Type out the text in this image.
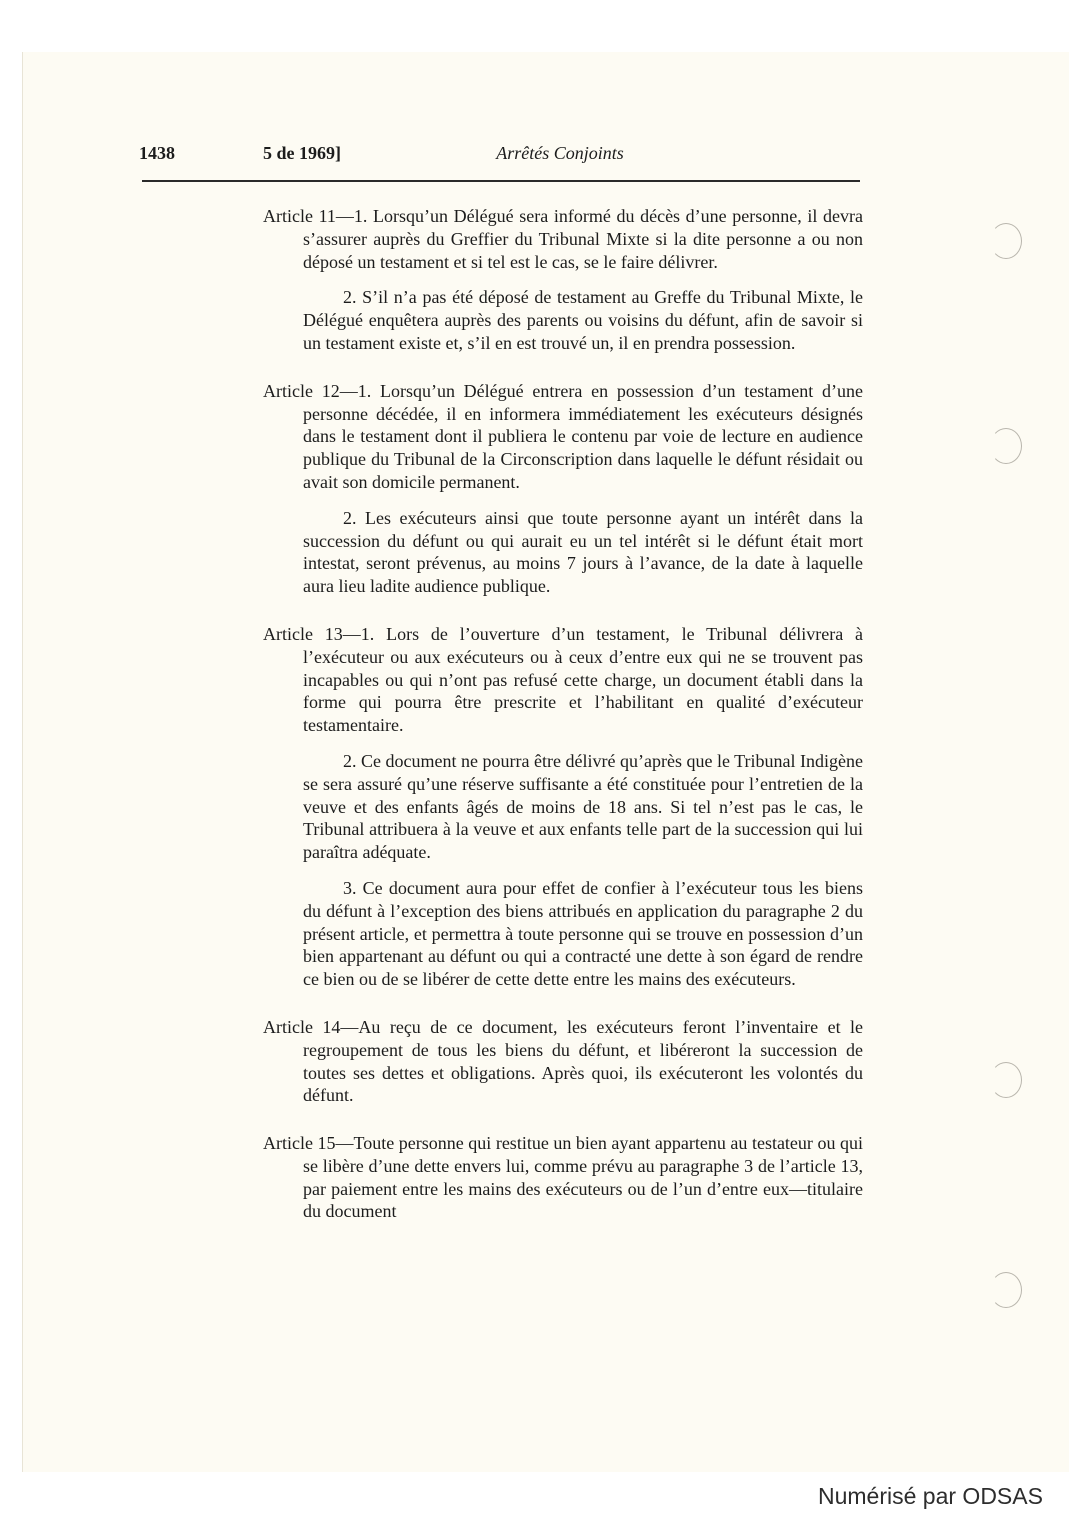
1438	5 de 1969]	Arrêtés Conjoints

Article 11—1. Lorsqu’un Délégué sera informé du décès d’une personne, il devra s’assurer auprès du Greffier du Tribunal Mixte si la dite personne a ou non déposé un testament et si tel est le cas, se le faire délivrer.

2. S’il n’a pas été déposé de testament au Greffe du Tribunal Mixte, le Délégué enquêtera auprès des parents ou voisins du défunt, afin de savoir si un testament existe et, s’il en est trouvé un, il en prendra possession.

Article 12—1. Lorsqu’un Délégué entrera en possession d’un testament d’une personne décédée, il en informera immédiatement les exécuteurs désignés dans le testament dont il publiera le contenu par voie de lecture en audience publique du Tribunal de la Circonscription dans laquelle le défunt résidait ou avait son domicile permanent.

2. Les exécuteurs ainsi que toute personne ayant un intérêt dans la succession du défunt ou qui aurait eu un tel intérêt si le défunt était mort intestat, seront prévenus, au moins 7 jours à l’avance, de la date à laquelle aura lieu ladite audience publique.

Article 13—1. Lors de l’ouverture d’un testament, le Tribunal délivrera à l’exécuteur ou aux exécuteurs ou à ceux d’entre eux qui ne se trouvent pas incapables ou qui n’ont pas refusé cette charge, un document établi dans la forme qui pourra être prescrite et l’habilitant en qualité d’exécuteur testamentaire.

2. Ce document ne pourra être délivré qu’après que le Tribunal Indigène se sera assuré qu’une réserve suffisante a été constituée pour l’entretien de la veuve et des enfants âgés de moins de 18 ans. Si tel n’est pas le cas, le Tribunal attribuera à la veuve et aux enfants telle part de la succession qui lui paraîtra adéquate.

3. Ce document aura pour effet de confier à l’exécuteur tous les biens du défunt à l’exception des biens attribués en application du paragraphe 2 du présent article, et permettra à toute personne qui se trouve en possession d’un bien appartenant au défunt ou qui a contracté une dette à son égard de rendre ce bien ou de se libérer de cette dette entre les mains des exécuteurs.

Article 14—Au reçu de ce document, les exécuteurs feront l’inventaire et le regroupement de tous les biens du défunt, et libéreront la succession de toutes ses dettes et obligations. Après quoi, ils exécuteront les volontés du défunt.

Article 15—Toute personne qui restitue un bien ayant appartenu au testateur ou qui se libère d’une dette envers lui, comme prévu au paragraphe 3 de l’article 13, par paiement entre les mains des exécuteurs ou de l’un d’entre eux—titulaire du document

Numérisé par ODSAS
